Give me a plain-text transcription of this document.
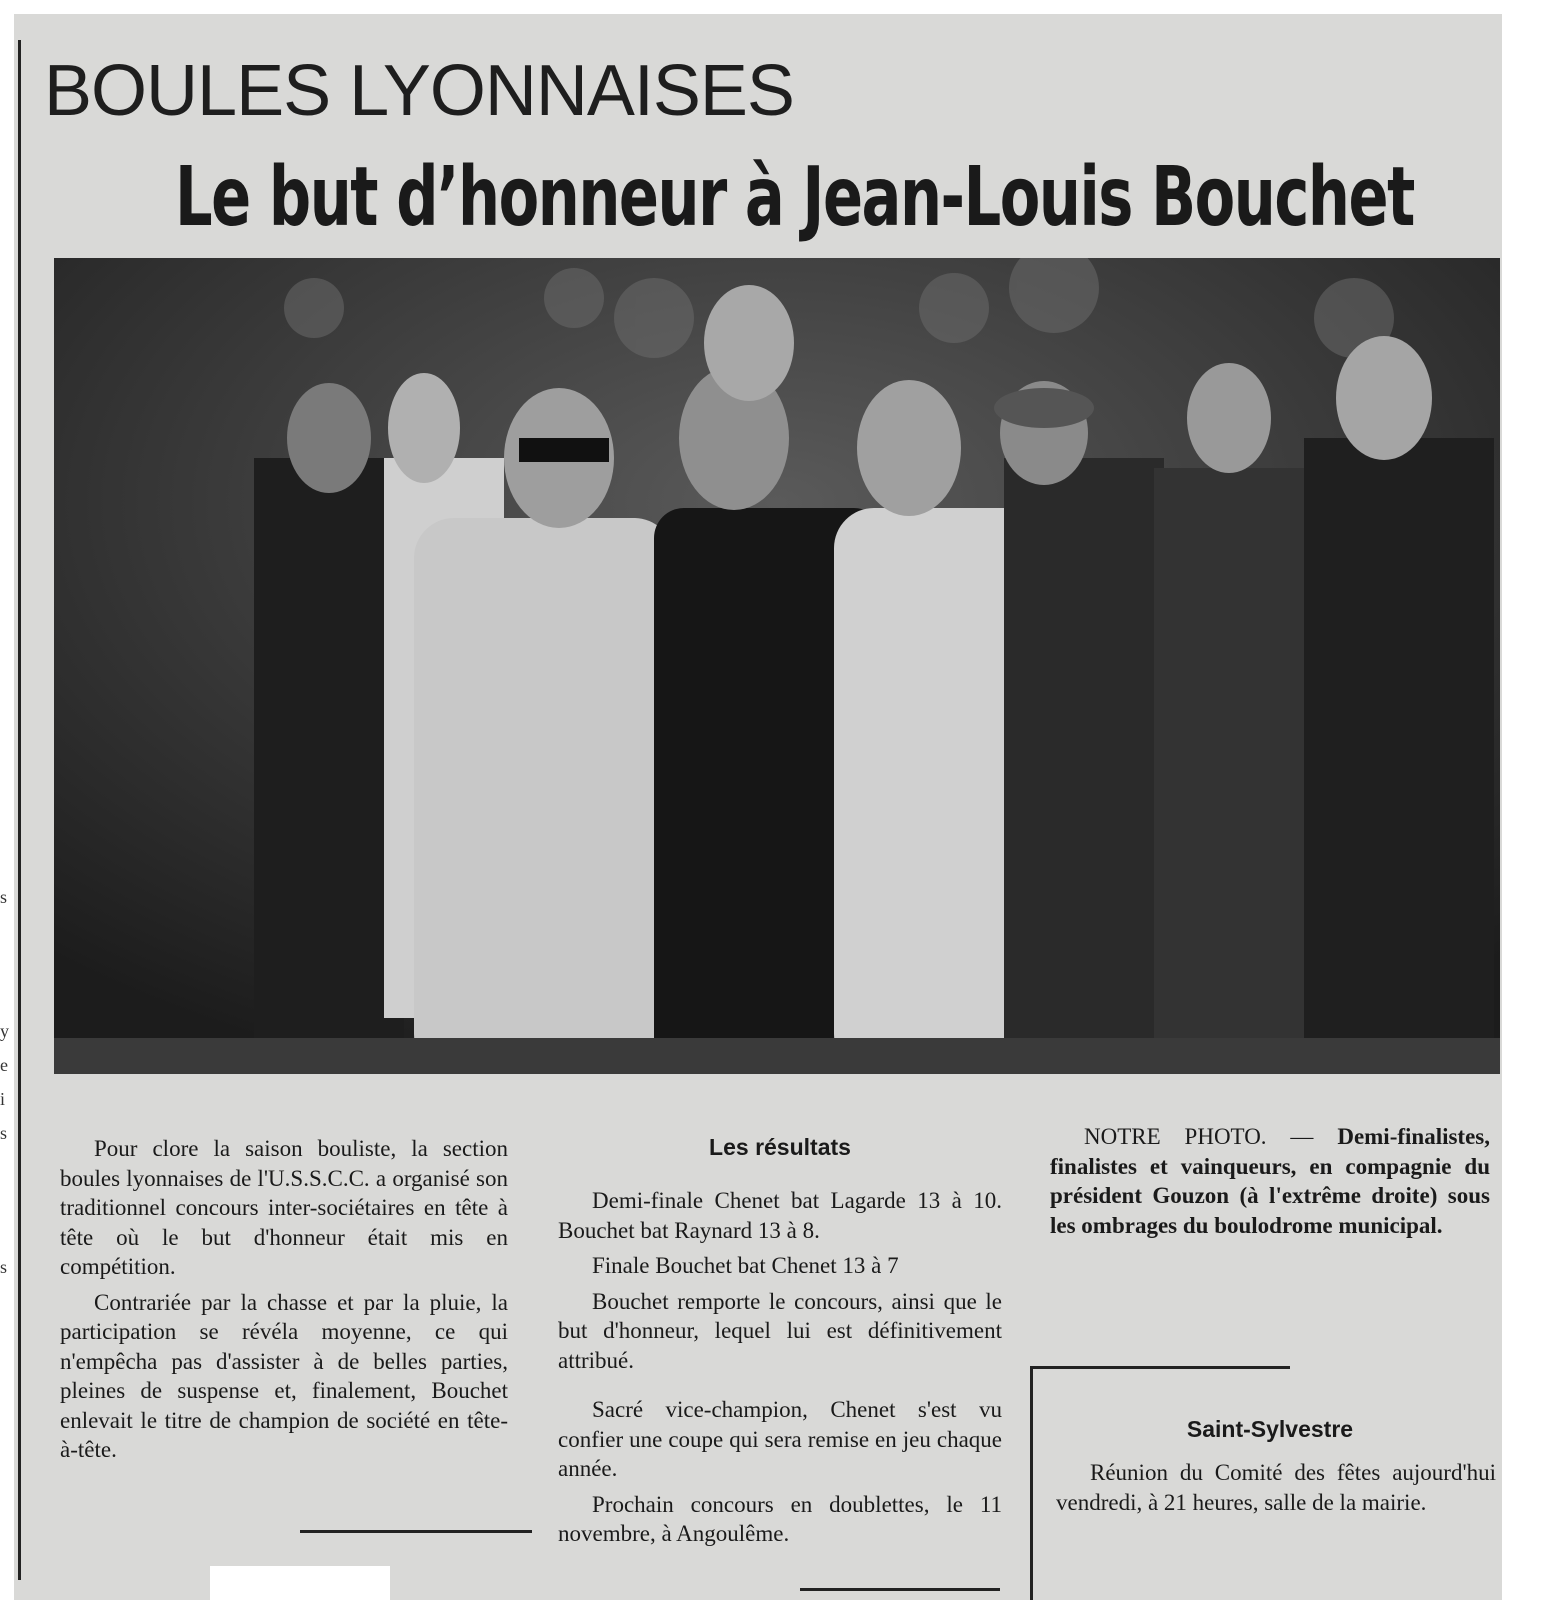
s
y
e
i
s
s
BOULES LYONNAISES
Le but d’honneur à Jean-Louis Bouchet

Pour clore la saison bouliste, la section boules lyonnaises de l'U.S.S.C.C. a organisé son traditionnel concours inter-sociétaires en tête à tête où le but d'honneur était mis en compétition.

Contrariée par la chasse et par la pluie, la participation se révéla moyenne, ce qui n'empêcha pas d'assister à de belles parties, pleines de suspense et, finalement, Bouchet enlevait le titre de champion de société en tête-à-tête.

Les résultats

Demi-finale Chenet bat Lagarde 13 à 10. Bouchet bat Raynard 13 à 8.

Finale Bouchet bat Chenet 13 à 7

Bouchet remporte le concours, ainsi que le but d'honneur, lequel lui est définitivement attribué.

Sacré vice-champion, Chenet s'est vu confier une coupe qui sera remise en jeu chaque année.

Prochain concours en doublettes, le 11 novembre, à Angoulême.

NOTRE PHOTO. — Demi-finalistes, finalistes et vainqueurs, en compagnie du président Gouzon (à l'extrême droite) sous les ombrages du boulodrome municipal.

Saint-Sylvestre

Réunion du Comité des fêtes aujourd'hui vendredi, à 21 heures, salle de la mairie.
